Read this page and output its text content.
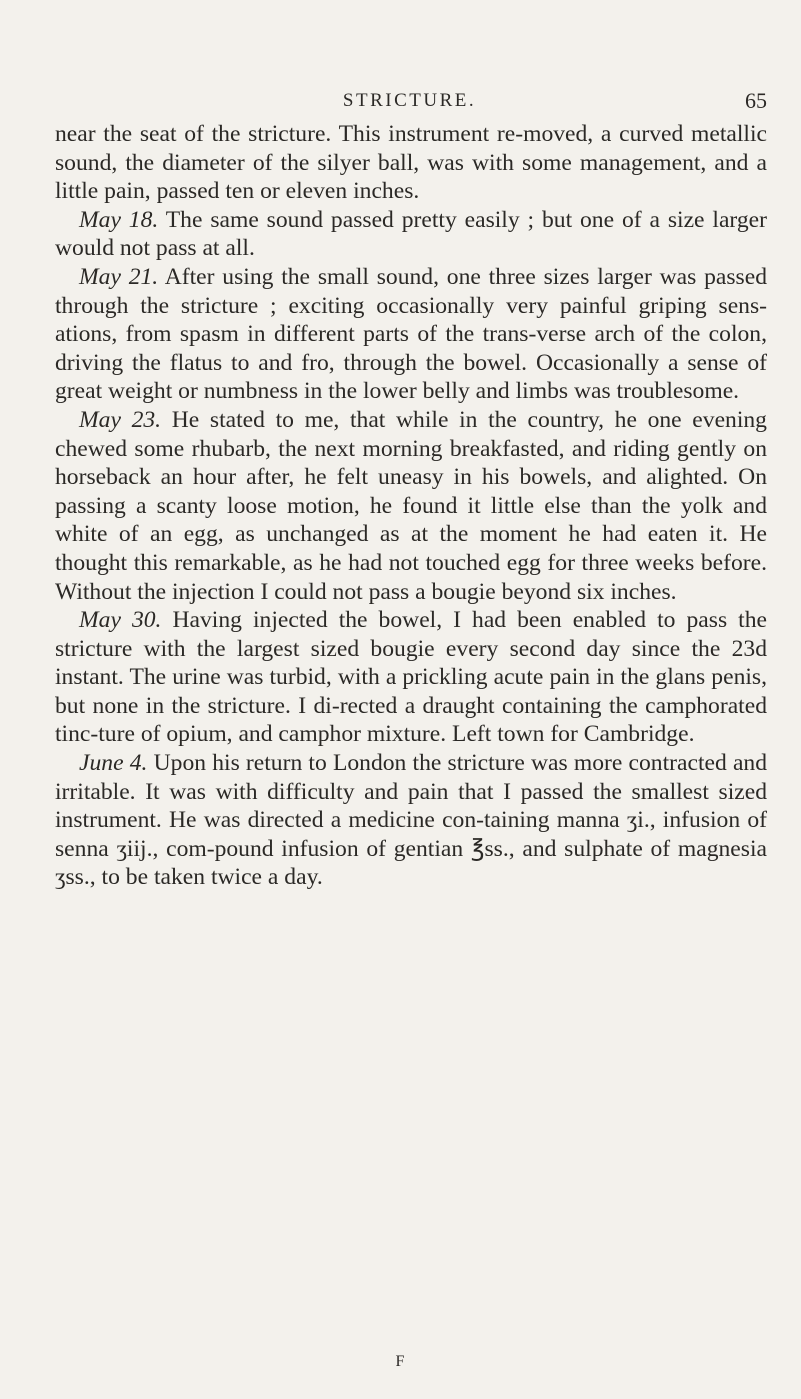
STRICTURE.	65

near the seat of the stricture. This instrument re-moved, a curved metallic sound, the diameter of the silyer ball, was with some management, and a little pain, passed ten or eleven inches.

May 18. The same sound passed pretty easily ; but one of a size larger would not pass at all.

May 21. After using the small sound, one three sizes larger was passed through the stricture ; exciting occasionally very painful griping sens-ations, from spasm in different parts of the trans-verse arch of the colon, driving the flatus to and fro, through the bowel. Occasionally a sense of great weight or numbness in the lower belly and limbs was troublesome.

May 23. He stated to me, that while in the country, he one evening chewed some rhubarb, the next morning breakfasted, and riding gently on horseback an hour after, he felt uneasy in his bowels, and alighted. On passing a scanty loose motion, he found it little else than the yolk and white of an egg, as unchanged as at the moment he had eaten it. He thought this remarkable, as he had not touched egg for three weeks before. Without the injection I could not pass a bougie beyond six inches.

May 30. Having injected the bowel, I had been enabled to pass the stricture with the largest sized bougie every second day since the 23d instant. The urine was turbid, with a prickling acute pain in the glans penis, but none in the stricture. I di-rected a draught containing the camphorated tinc-ture of opium, and camphor mixture. Left town for Cambridge.

June 4. Upon his return to London the stricture was more contracted and irritable. It was with difficulty and pain that I passed the smallest sized instrument. He was directed a medicine con-taining manna ʒi., infusion of senna ʒiij., com-pound infusion of gentian ℥ss., and sulphate of magnesia ʒss., to be taken twice a day.

F
